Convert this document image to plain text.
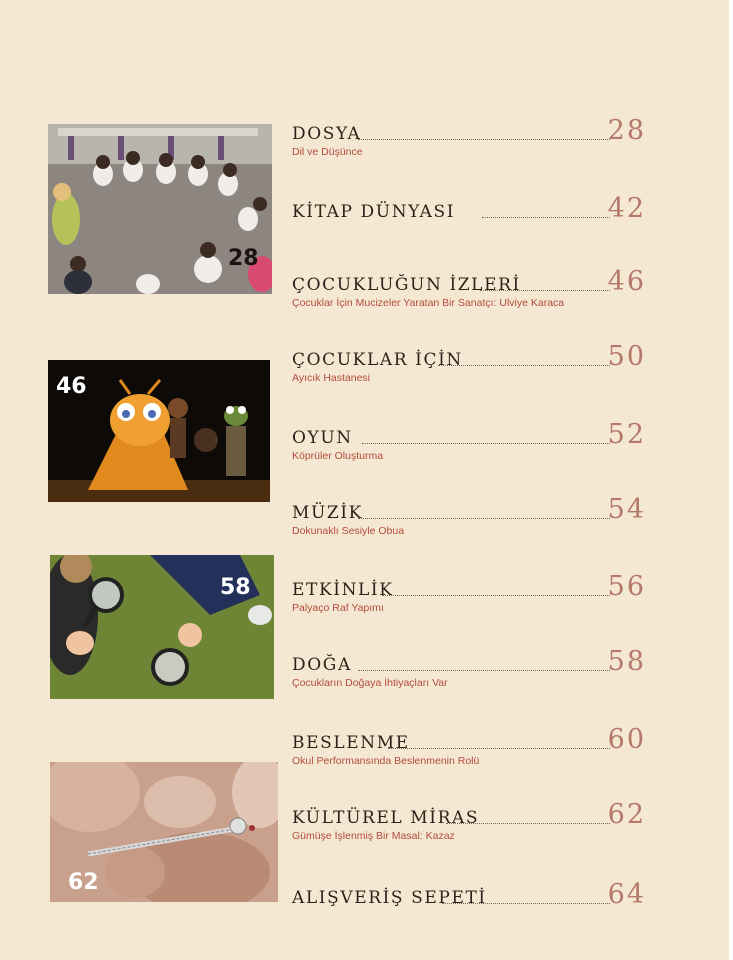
28
46
58
62
DOSYA
Dil ve Düşünce
28
KİTAP DÜNYASI	42
ÇOCUKLUĞUN İZLERİ
Çocuklar İçin Mucizeler Yaratan Bir Sanatçı: Ulviye Karaca
46
ÇOCUKLAR İÇİN
Ayıcık Hastanesi
50
OYUN
Köprüler Oluşturma
52
MÜZİK
Dokunaklı Sesiyle Obua
54
ETKİNLİK
Palyaço Raf Yapımı
56
DOĞA
Çocukların Doğaya İhtiyaçları Var
58
BESLENME
Okul Performansında Beslenmenin Rolü
60
KÜLTÜREL MİRAS
Gümüşe İşlenmiş Bir Masal: Kazaz
62
ALIŞVERİŞ SEPETİ	64
